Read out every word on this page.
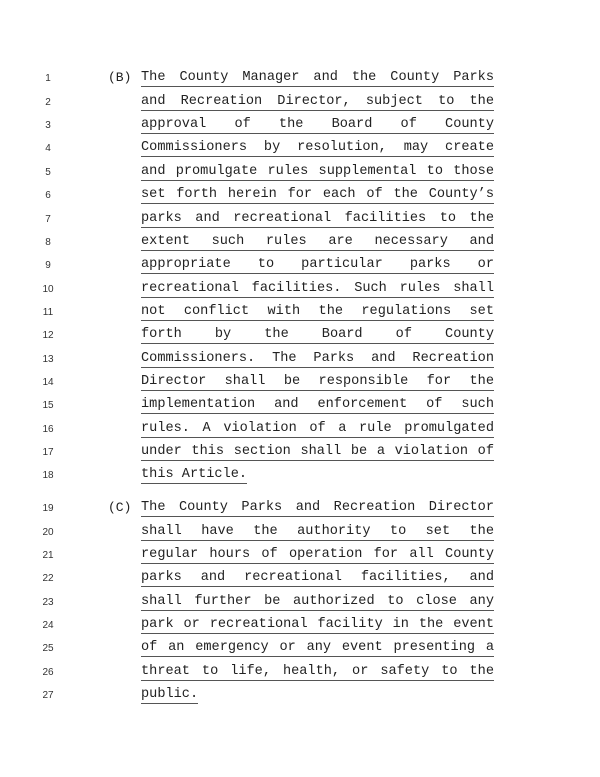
(B)
(C)
1	The County Manager and the County Parks
2	and Recreation Director, subject to the
3	approval of the Board of County
4	Commissioners by resolution, may create
5	and promulgate rules supplemental to those
6	set forth herein for each of the County’s
7	parks and recreational facilities to the
8	extent such rules are necessary and
9	appropriate to particular parks or
10	recreational facilities. Such rules shall
11	not conflict with the regulations set
12	forth by the Board of County
13	Commissioners. The Parks and Recreation
14	Director shall be responsible for the
15	implementation and enforcement of such
16	rules. A violation of a rule promulgated
17	under this section shall be a violation of
18	this Article.
19	The County Parks and Recreation Director
20	shall have the authority to set the
21	regular hours of operation for all County
22	parks and recreational facilities, and
23	shall further be authorized to close any
24	park or recreational facility in the event
25	of an emergency or any event presenting a
26	threat to life, health, or safety to the
27	public.
